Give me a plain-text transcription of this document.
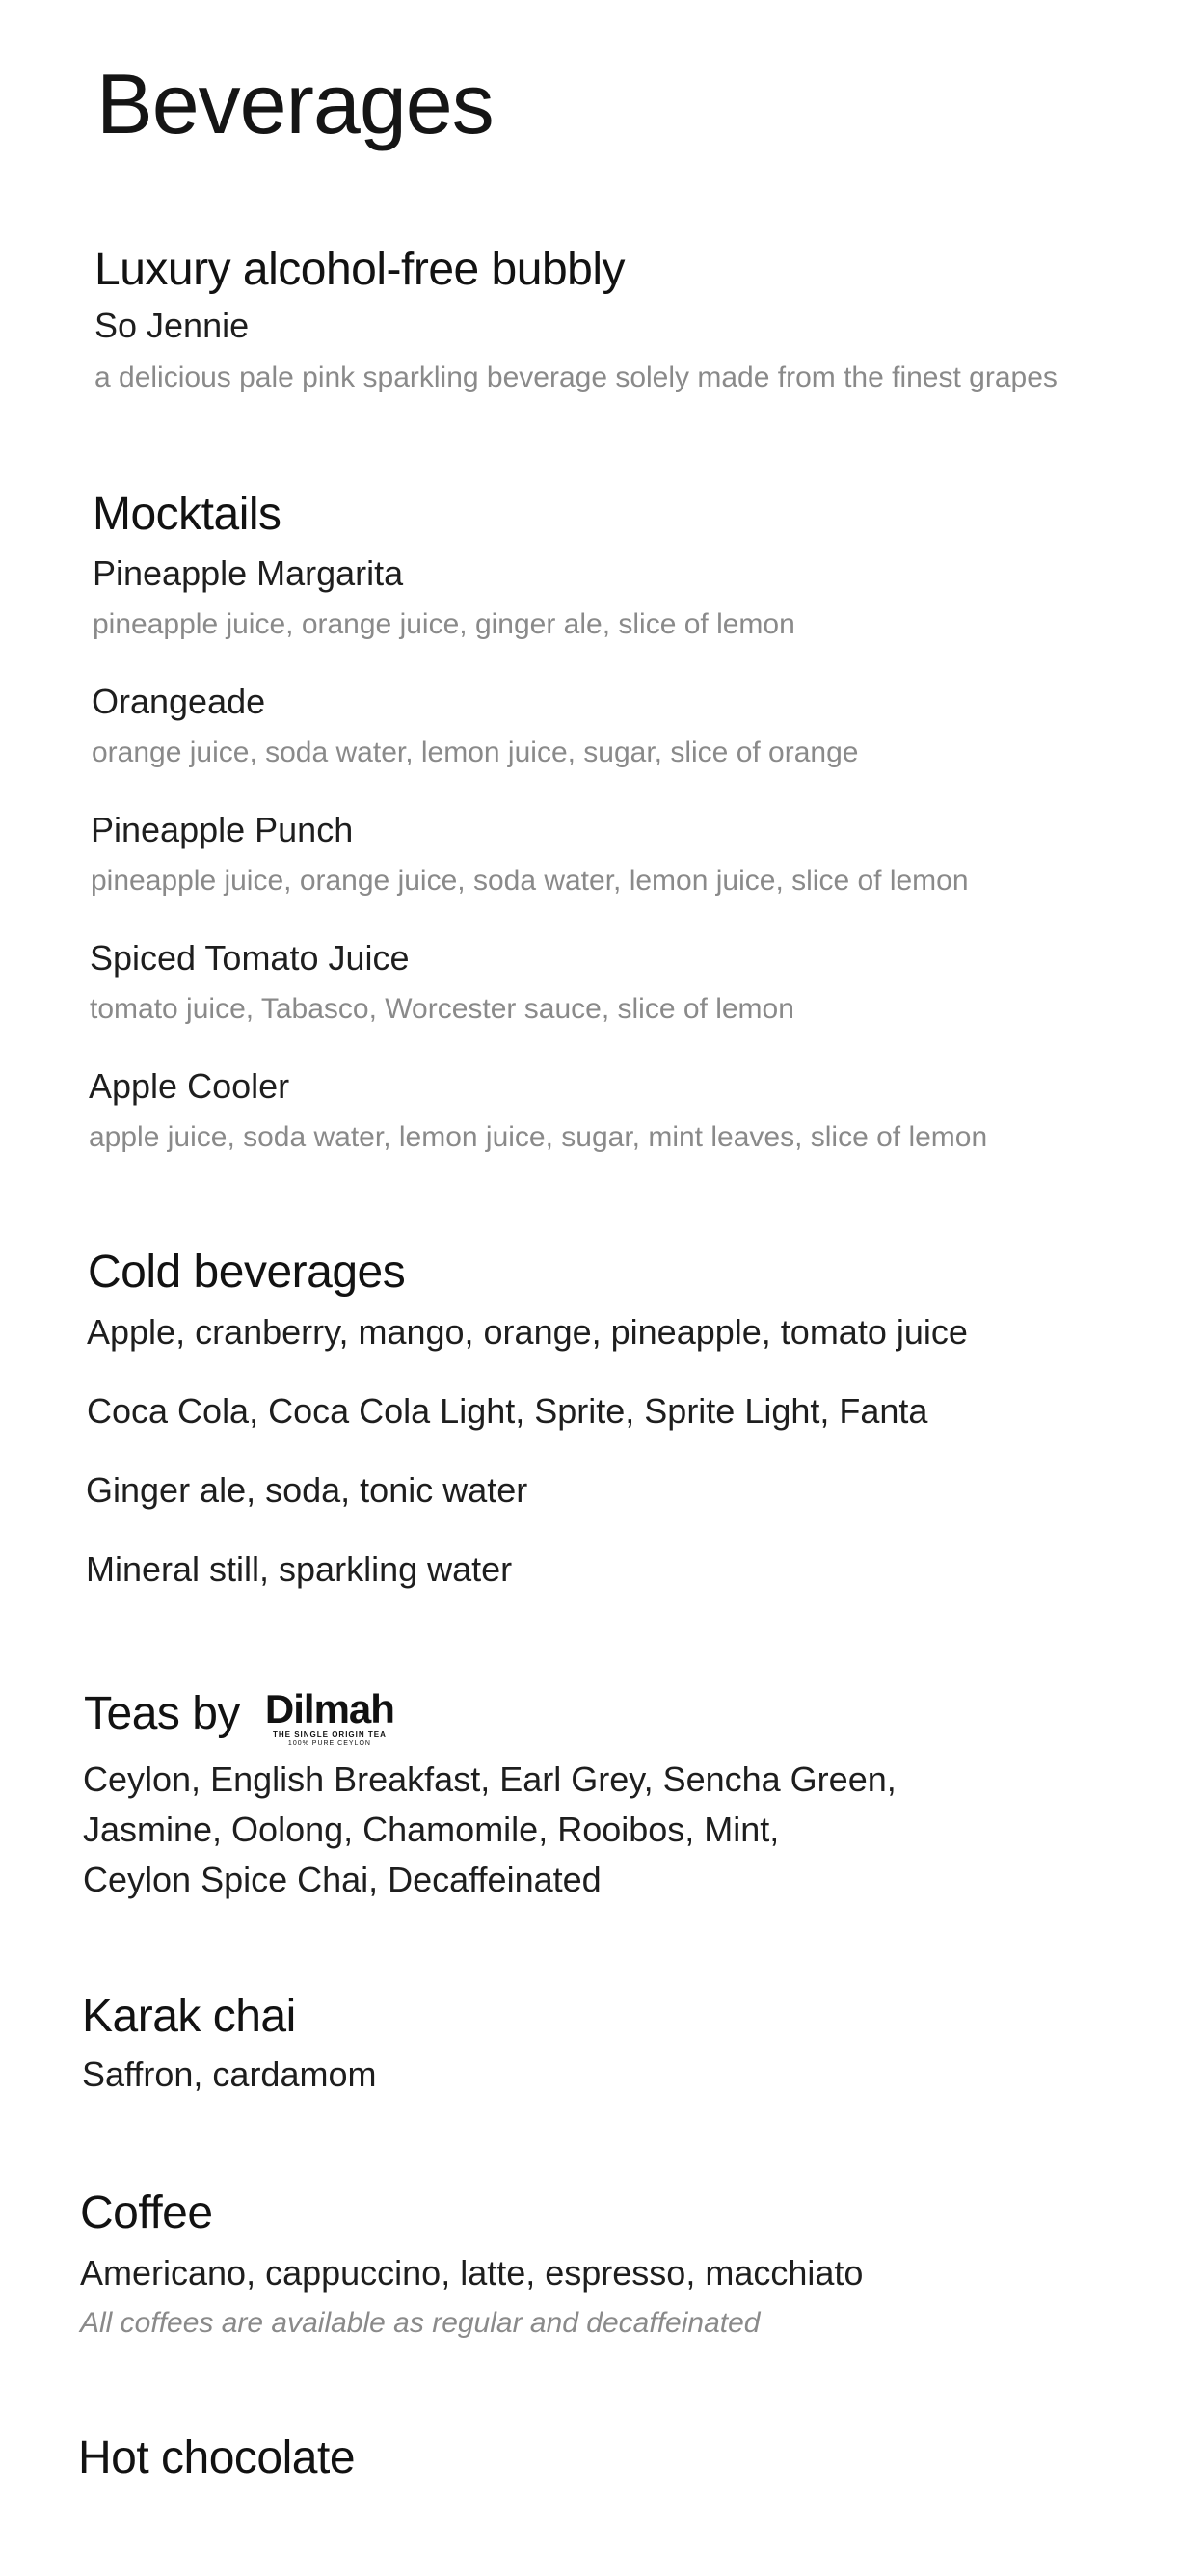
Beverages
Luxury alcohol-free bubbly
So Jennie
a delicious pale pink sparkling beverage solely made from the finest grapes
Mocktails
Pineapple Margarita
pineapple juice, orange juice, ginger ale, slice of lemon
Orangeade
orange juice, soda water, lemon juice, sugar, slice of orange
Pineapple Punch
pineapple juice, orange juice, soda water, lemon juice, slice of lemon
Spiced Tomato Juice
tomato juice, Tabasco, Worcester sauce, slice of lemon
Apple Cooler
apple juice, soda water, lemon juice, sugar, mint leaves, slice of lemon
Cold beverages
Apple, cranberry, mango, orange, pineapple, tomato juice
Coca Cola, Coca Cola Light, Sprite, Sprite Light, Fanta
Ginger ale, soda, tonic water
Mineral still, sparkling water
Teas by Dilmah
THE SINGLE ORIGIN TEA
100% PURE CEYLON
Ceylon, English Breakfast, Earl Grey, Sencha Green,
Jasmine, Oolong, Chamomile, Rooibos, Mint,
Ceylon Spice Chai, Decaffeinated
Karak chai
Saffron, cardamom
Coffee
Americano, cappuccino, latte, espresso, macchiato
All coffees are available as regular and decaffeinated
Hot chocolate
